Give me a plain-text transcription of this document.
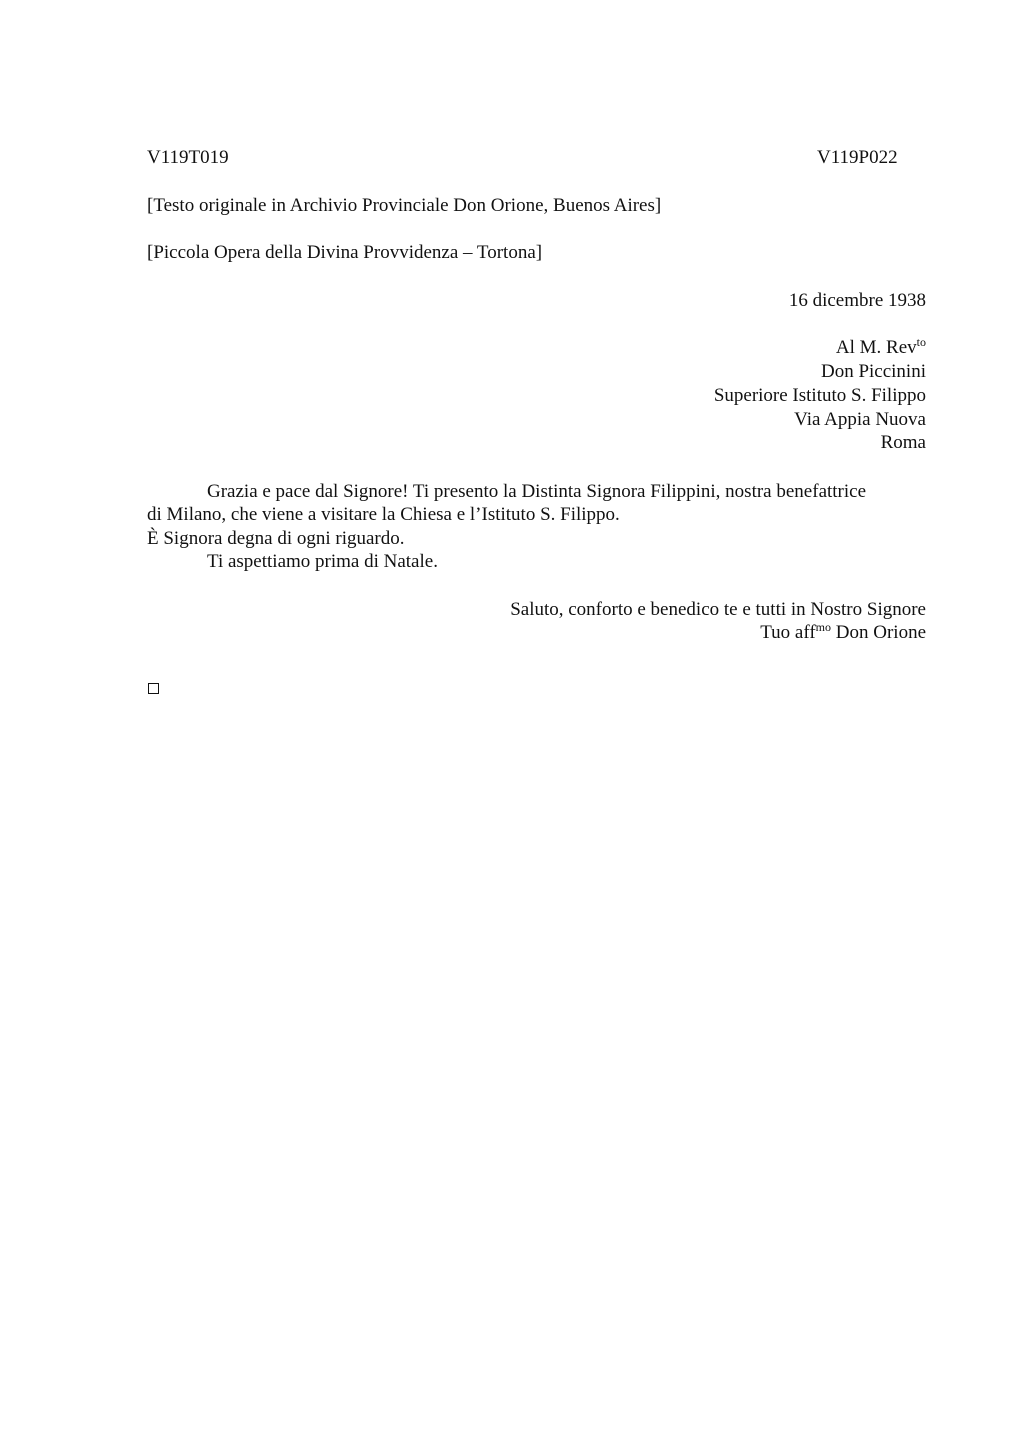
V119T019	V119P022
[Testo originale in Archivio Provinciale Don Orione, Buenos Aires]
[Piccola Opera della Divina Provvidenza – Tortona]
16 dicembre 1938
Al M. Rev$^{to}$
Don Piccinini
Superiore Istituto S. Filippo
Via Appia Nuova
Roma
Grazia e pace dal Signore! Ti presento la Distinta Signora Filippini, nostra benefattrice
di Milano, che viene a visitare la Chiesa e l’Istituto S. Filippo.
È Signora degna di ogni riguardo.
Ti aspettiamo prima di Natale.
Saluto, conforto e benedico te e tutti in Nostro Signore
Tuo aff$^{mo}$ Don Orione
